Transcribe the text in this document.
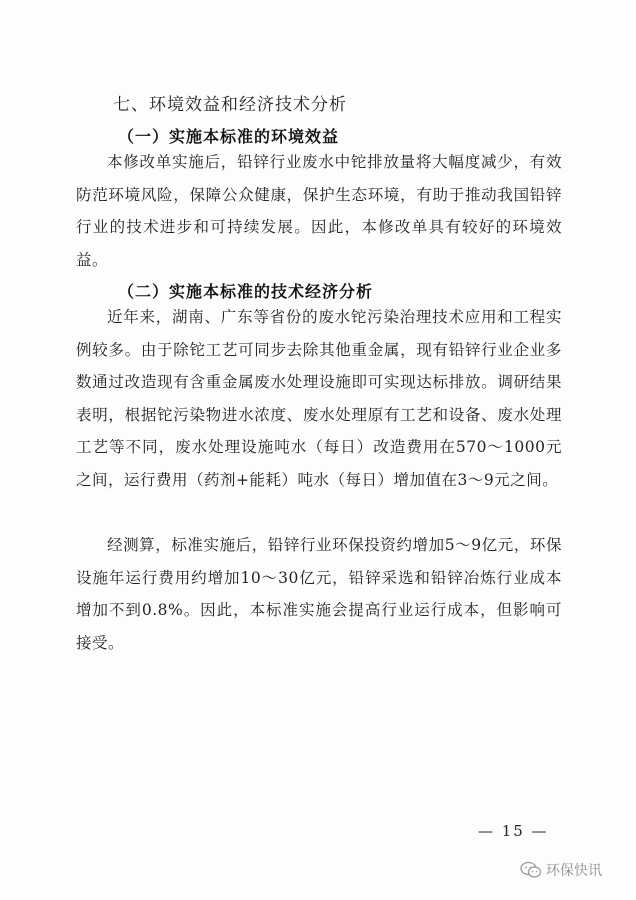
七、环境效益和经济技术分析
（一）实施本标准的环境效益

本修改单实施后，铅锌行业废水中铊排放量将大幅度减少，有效防范环境风险，保障公众健康，保护生态环境，有助于推动我国铅锌行业的技术进步和可持续发展。因此，本修改单具有较好的环境效益。

（二）实施本标准的技术经济分析

近年来，湖南、广东等省份的废水铊污染治理技术应用和工程实例较多。由于除铊工艺可同步去除其他重金属，现有铅锌行业企业多数通过改造现有含重金属废水处理设施即可实现达标排放。调研结果表明，根据铊污染物进水浓度、废水处理原有工艺和设备、废水处理工艺等不同，废水处理设施吨水（每日）改造费用在570～1000元之间，运行费用（药剂+能耗）吨水（每日）增加值在3～9元之间。

经测算，标准实施后，铅锌行业环保投资约增加5～9亿元，环保设施年运行费用约增加10～30亿元，铅锌采选和铅锌冶炼行业成本增加不到0.8%。因此，本标准实施会提高行业运行成本，但影响可接受。

— 15 —
环保快讯
